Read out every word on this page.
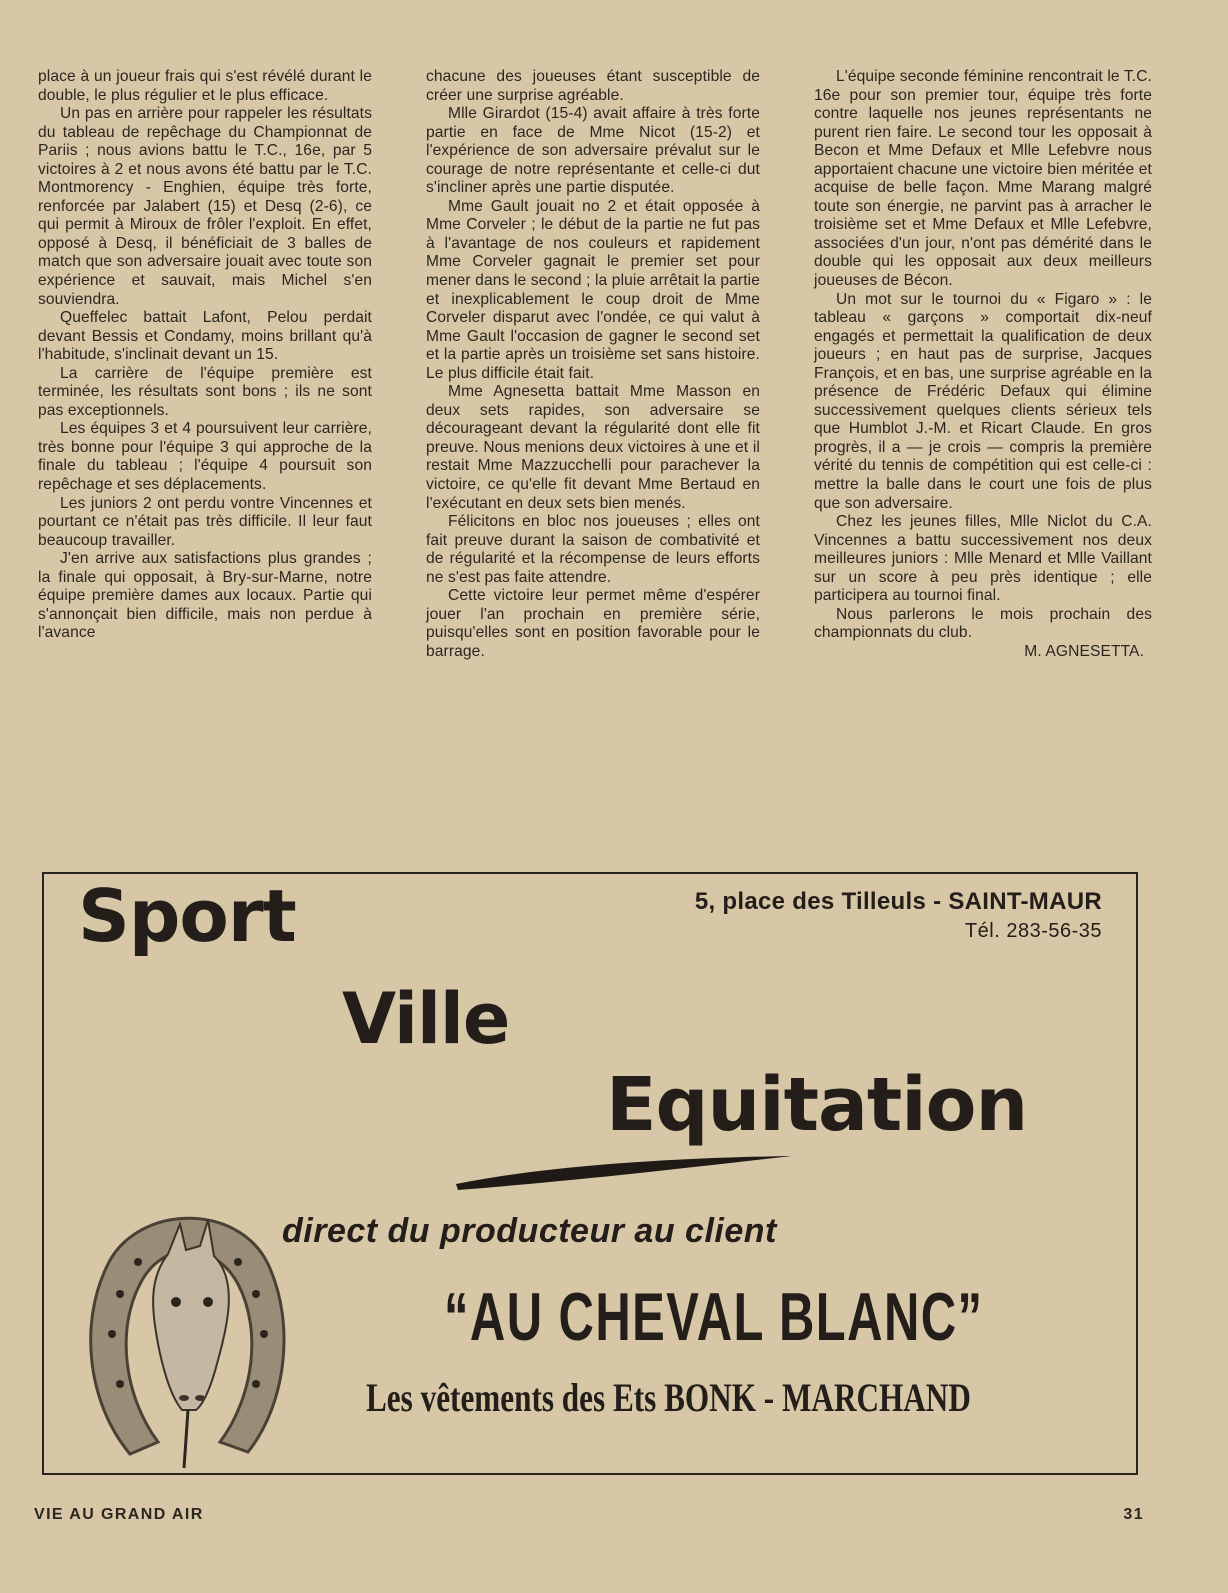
place à un joueur frais qui s'est révélé durant le double, le plus régulier et le plus efficace.

Un pas en arrière pour rappeler les résultats du tableau de repêchage du Championnat de Pariis ; nous avions battu le T.C., 16e, par 5 victoires à 2 et nous avons été battu par le T.C. Montmorency - Enghien, équipe très forte, renforcée par Jalabert (15) et Desq (2-6), ce qui permit à Miroux de frôler l'exploit. En effet, opposé à Desq, il bénéficiait de 3 balles de match que son adversaire jouait avec toute son expérience et sauvait, mais Michel s'en souviendra.

Queffelec battait Lafont, Pelou perdait devant Bessis et Condamy, moins brillant qu'à l'habitude, s'inclinait devant un 15.

La carrière de l'équipe première est terminée, les résultats sont bons ; ils ne sont pas exceptionnels.

Les équipes 3 et 4 poursuivent leur carrière, très bonne pour l'équipe 3 qui approche de la finale du tableau ; l'équipe 4 poursuit son repêchage et ses déplacements.

Les juniors 2 ont perdu vontre Vincennes et pourtant ce n'était pas très difficile. Il leur faut beaucoup travailler.

J'en arrive aux satisfactions plus grandes ; la finale qui opposait, à Bry-sur-Marne, notre équipe première dames aux locaux. Partie qui s'annonçait bien difficile, mais non perdue à l'avance

chacune des joueuses étant susceptible de créer une surprise agréable.

Mlle Girardot (15-4) avait affaire à très forte partie en face de Mme Nicot (15-2) et l'expérience de son adversaire prévalut sur le courage de notre représentante et celle-ci dut s'incliner après une partie disputée.

Mme Gault jouait no 2 et était opposée à Mme Corveler ; le début de la partie ne fut pas à l'avantage de nos couleurs et rapidement Mme Corveler gagnait le premier set pour mener dans le second ; la pluie arrêtait la partie et inexplicablement le coup droit de Mme Corveler disparut avec l'ondée, ce qui valut à Mme Gault l'occasion de gagner le second set et la partie après un troisième set sans histoire. Le plus difficile était fait.

Mme Agnesetta battait Mme Masson en deux sets rapides, son adversaire se décourageant devant la régularité dont elle fit preuve. Nous menions deux victoires à une et il restait Mme Mazzucchelli pour parachever la victoire, ce qu'elle fit devant Mme Bertaud en l'exécutant en deux sets bien menés.

Félicitons en bloc nos joueuses ; elles ont fait preuve durant la saison de combativité et de régularité et la récompense de leurs efforts ne s'est pas faite attendre.

Cette victoire leur permet même d'espérer jouer l'an prochain en première série, puisqu'elles sont en position favorable pour le barrage.

L'équipe seconde féminine rencontrait le T.C. 16e pour son premier tour, équipe très forte contre laquelle nos jeunes représentants ne purent rien faire. Le second tour les opposait à Becon et Mme Defaux et Mlle Lefebvre nous apportaient chacune une victoire bien méritée et acquise de belle façon. Mme Marang malgré toute son énergie, ne parvint pas à arracher le troisième set et Mme Defaux et Mlle Lefebvre, associées d'un jour, n'ont pas démérité dans le double qui les opposait aux deux meilleurs joueuses de Bécon.

Un mot sur le tournoi du « Figaro » : le tableau « garçons » comportait dix-neuf engagés et permettait la qualification de deux joueurs ; en haut pas de surprise, Jacques François, et en bas, une surprise agréable en la présence de Frédéric Defaux qui élimine successivement quelques clients sérieux tels que Humblot J.-M. et Ricart Claude. En gros progrès, il a — je crois — compris la première vérité du tennis de compétition qui est celle-ci : mettre la balle dans le court une fois de plus que son adversaire.

Chez les jeunes filles, Mlle Niclot du C.A. Vincennes a battu successivement nos deux meilleures juniors : Mlle Menard et Mlle Vaillant sur un score à peu près identique ; elle participera au tournoi final.

Nous parlerons le mois prochain des championnats du club.

M. AGNESETTA.

Sport	5, place des Tilleuls - SAINT-MAUR
Tél. 283-56-35
Ville
Equitation
direct du producteur au client
“AU CHEVAL BLANC”
Les vêtements des Ets BONK - MARCHAND
VIE AU GRAND AIR	31
